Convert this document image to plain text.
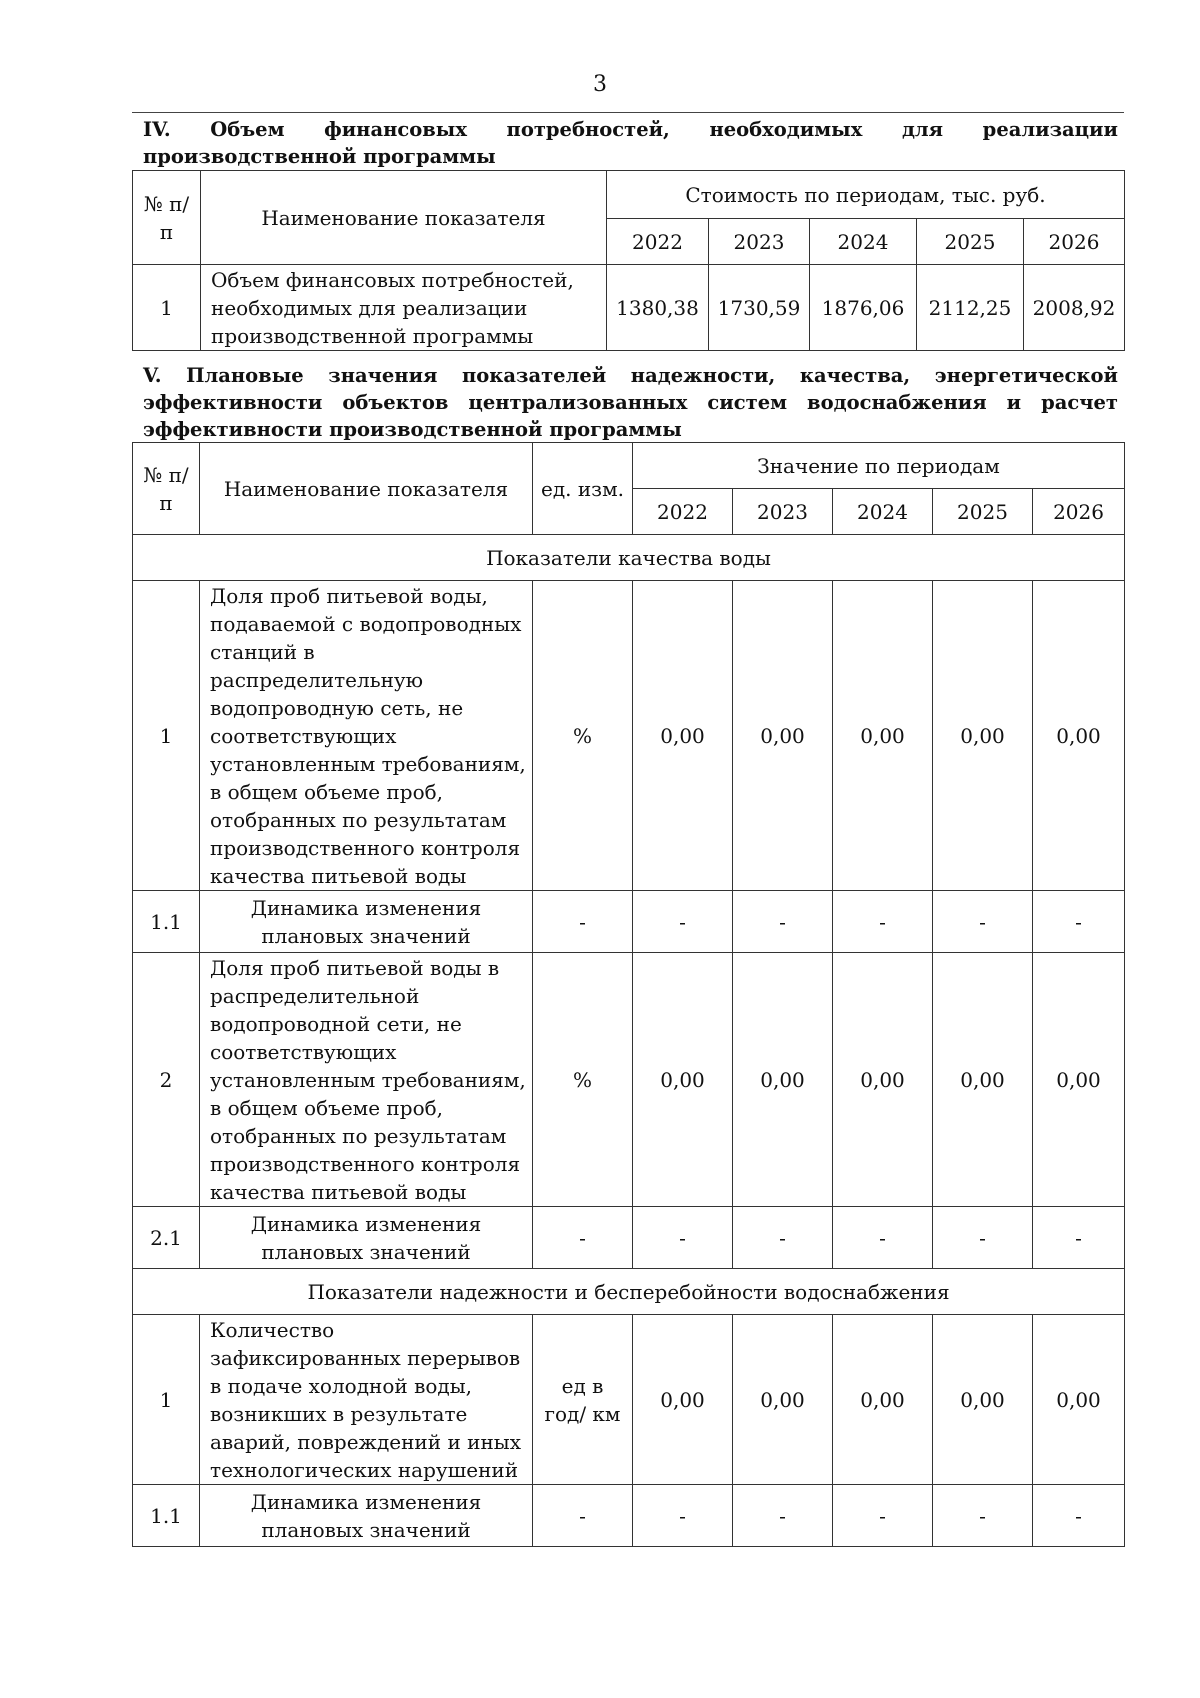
3
IV. Объем финансовых потребностей, необходимых для реализации производственной программы
№ п/п	Наименование показателя	Стоимость по периодам, тыс. руб.				
		2022	2023	2024	2025	2026
1	Объем финансовых потребностей, необходимых для реализации производственной программы	1380,38	1730,59	1876,06	2112,25	2008,92
V. Плановые значения показателей надежности, качества, энергетической эффективности объектов централизованных систем водоснабжения и расчет эффективности производственной программы
№ п/п	Наименование показателя	ед. изм.	Значение по периодам				
			2022	2023	2024	2025	2026
Показатели качества воды							
1	Доля проб питьевой воды, подаваемой с водопроводных станций в распределительную водопроводную сеть, не соответствующих установленным требованиям, в общем объеме проб, отобранных по результатам производственного контроля качества питьевой воды	%	0,00	0,00	0,00	0,00	0,00
1.1	Динамика изменения плановых значений	-	-	-	-	-	-
2	Доля проб питьевой воды в распределительной водопроводной сети, не соответствующих установленным требованиям, в общем объеме проб, отобранных по результатам производственного контроля качества питьевой воды	%	0,00	0,00	0,00	0,00	0,00
2.1	Динамика изменения плановых значений	-	-	-	-	-	-
Показатели надежности и бесперебойности водоснабжения							
1	Количество зафиксированных перерывов в подаче холодной воды, возникших в результате аварий, повреждений и иных технологических нарушений	ед в год/ км	0,00	0,00	0,00	0,00	0,00
1.1	Динамика изменения плановых значений	-	-	-	-	-	-
